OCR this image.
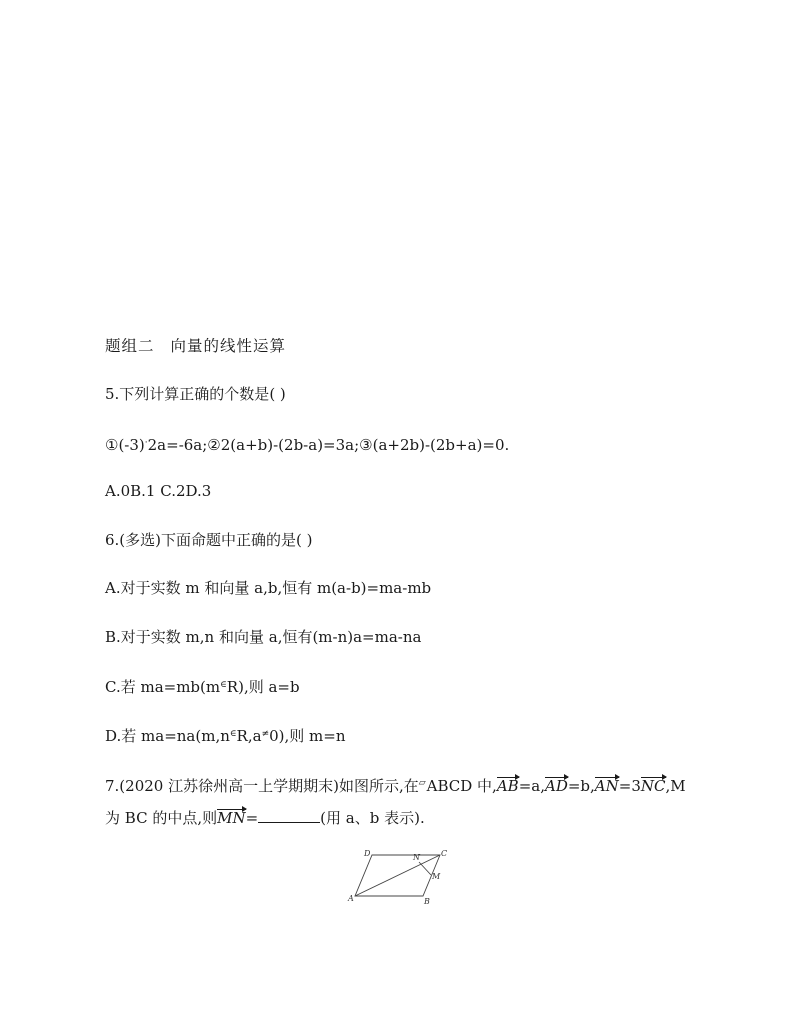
题组二 向量的线性运算
5.下列计算正确的个数是( )
①(-3)·2a=-6a;②2(a+b)-(2b-a)=3a;③(a+2b)-(2b+a)=0.
A.0B.1 C.2D.3
6.(多选)下面命题中正确的是( )
A.对于实数 m 和向量 a,b,恒有 m(a-b)=ma-mb
B.对于实数 m,n 和向量 a,恒有(m-n)a=ma-na
C.若 ma=mb(m∈R),则 a=b
D.若 ma=na(m,n∈R,a≠0),则 m=n
7.(2020 江苏徐州高一上学期期末)如图所示,在▱ABCD 中,AB=a,AD=b,AN=3NC,M
为 BC 的中点,则MN=	(用 a、b 表示).
A	B
C
D
M
N
